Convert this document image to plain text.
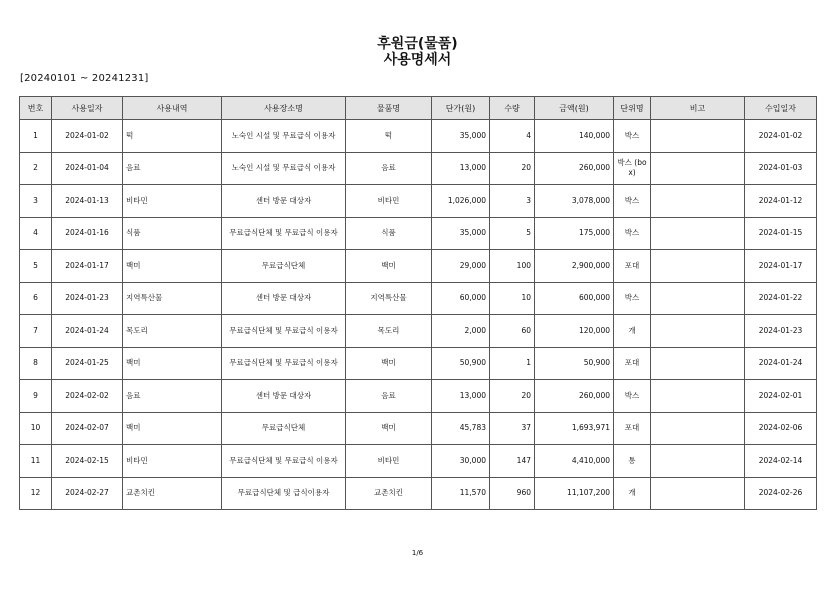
후원금(물품)
사용명세서
[20240101 ~ 20241231]
번호	사용일자	사용내역	사용장소명	물품명	단가(원)	수량	금액(원)	단위명	비고	수입일자
1	2024-01-02	떡	노숙인 시설 및 무료급식 이용자	떡	35,000	4	140,000	박스		2024-01-02
2	2024-01-04	음료	노숙인 시설 및 무료급식 이용자	음료	13,000	20	260,000	박스 (box)		2024-01-03
3	2024-01-13	비타민	센터 방문 대상자	비타민	1,026,000	3	3,078,000	박스		2024-01-12
4	2024-01-16	식품	무료급식단체 및 무료급식 이용자	식품	35,000	5	175,000	박스		2024-01-15
5	2024-01-17	백미	무료급식단체	백미	29,000	100	2,900,000	포대		2024-01-17
6	2024-01-23	지역특산물	센터 방문 대상자	지역특산물	60,000	10	600,000	박스		2024-01-22
7	2024-01-24	목도리	무료급식단체 및 무료급식 이용자	목도리	2,000	60	120,000	개		2024-01-23
8	2024-01-25	백미	무료급식단체 및 무료급식 이용자	백미	50,900	1	50,900	포대		2024-01-24
9	2024-02-02	음료	센터 방문 대상자	음료	13,000	20	260,000	박스		2024-02-01
10	2024-02-07	백미	무료급식단체	백미	45,783	37	1,693,971	포대		2024-02-06
11	2024-02-15	비타민	무료급식단체 및 무료급식 이용자	비타민	30,000	147	4,410,000	통		2024-02-14
12	2024-02-27	교촌치킨	무료급식단체 및 급식이용자	교촌치킨	11,570	960	11,107,200	개		2024-02-26
1/6
